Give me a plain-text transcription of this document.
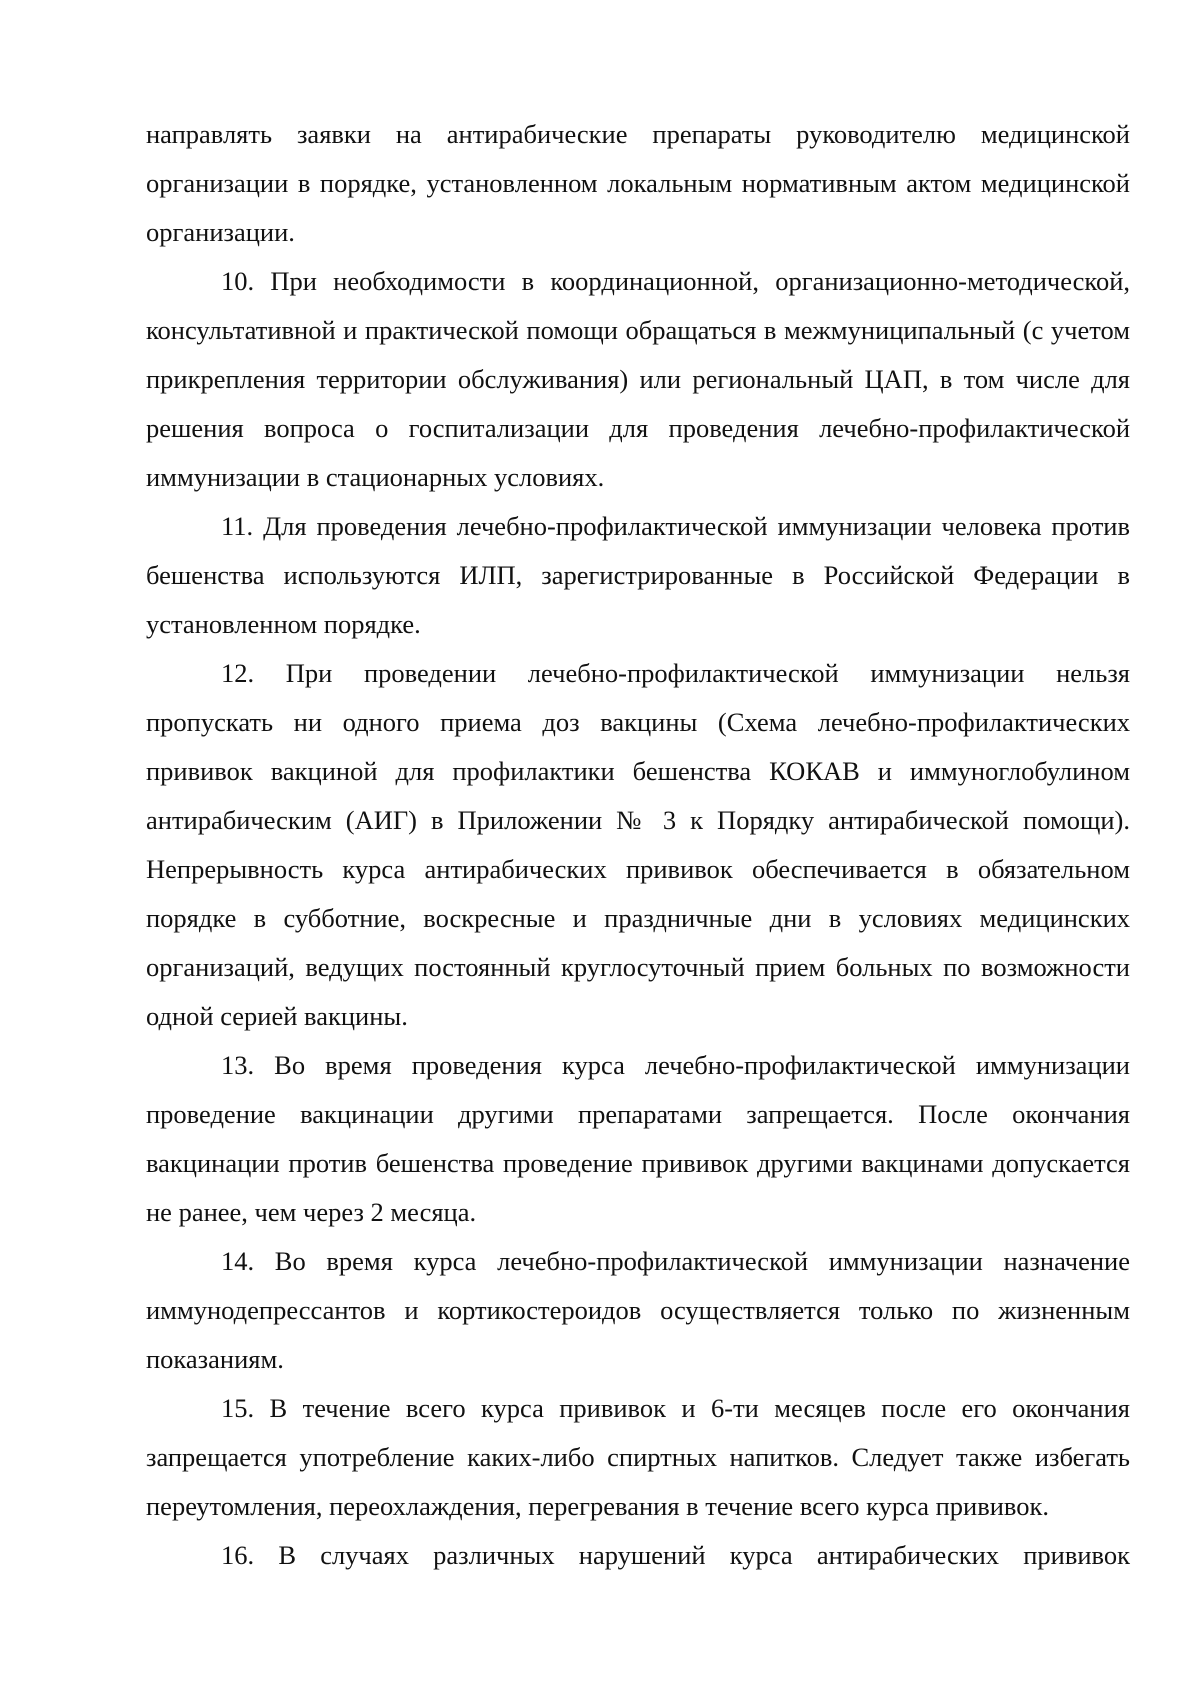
направлять заявки на антирабические препараты руководителю медицинской организации в порядке, установленном локальным нормативным актом медицинской организации.

10. При необходимости в координационной, организационно-методической, консультативной и практической помощи обращаться в межмуниципальный (с учетом прикрепления территории обслуживания) или региональный ЦАП, в том числе для решения вопроса о госпитализации для проведения лечебно-профилактической иммунизации в стационарных условиях.

11. Для проведения лечебно-профилактической иммунизации человека против бешенства используются ИЛП, зарегистрированные в Российской Федерации в установленном порядке.

12. При проведении лечебно-профилактической иммунизации нельзя пропускать ни одного приема доз вакцины (Схема лечебно-профилактических прививок вакциной для профилактики бешенства КОКАВ и иммуноглобулином антирабическим (АИГ) в Приложении № 3 к Порядку антирабической помощи). Непрерывность курса антирабических прививок обеспечивается в обязательном порядке в субботние, воскресные и праздничные дни в условиях медицинских организаций, ведущих постоянный круглосуточный прием больных по возможности одной серией вакцины.

13. Во время проведения курса лечебно-профилактической иммунизации проведение вакцинации другими препаратами запрещается. После окончания вакцинации против бешенства проведение прививок другими вакцинами допускается не ранее, чем через 2 месяца.

14. Во время курса лечебно-профилактической иммунизации назначение иммунодепрессантов и кортикостероидов осуществляется только по жизненным показаниям.

15. В течение всего курса прививок и 6-ти месяцев после его окончания запрещается употребление каких-либо спиртных напитков. Следует также избегать переутомления, переохлаждения, перегревания в течение всего курса прививок.

16. В случаях различных нарушений курса антирабических прививок
